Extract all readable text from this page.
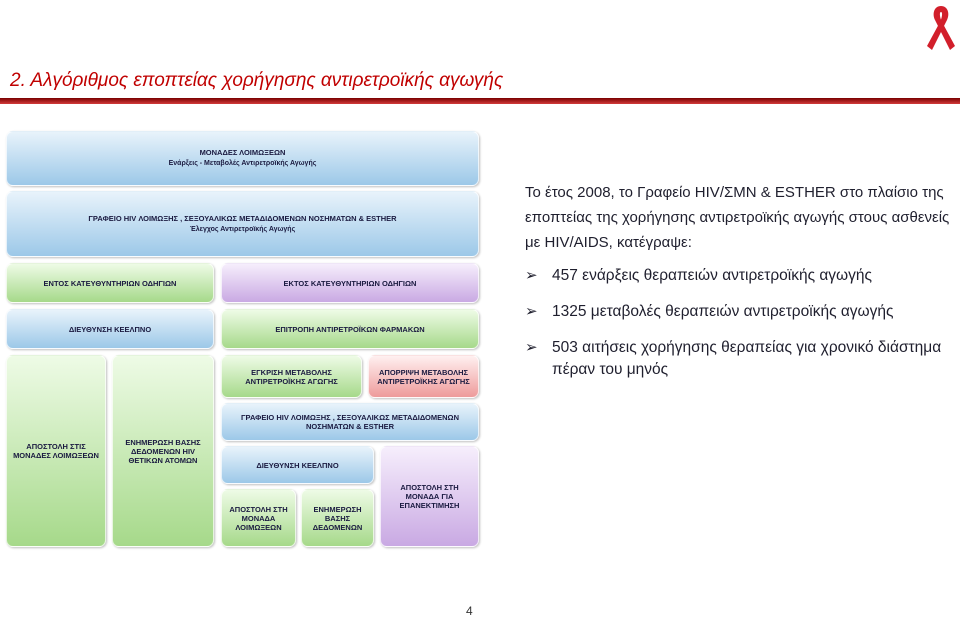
2. Αλγόριθμος εποπτείας χορήγησης αντιρετροϊκής αγωγής
ΜΟΝΑΔΕΣ ΛΟΙΜΩΞΕΩΝ
Ενάρξεις - Μεταβολές Αντιρετροϊκής Αγωγής
ΓΡΑΦΕΙΟ HIV ΛΟΙΜΩΞΗΣ , ΣΕΞΟΥΑΛΙΚΩΣ ΜΕΤΑΔΙΔΟΜΕΝΩΝ ΝΟΣΗΜΑΤΩΝ & ESTHER
Έλεγχος Αντιρετροϊκής Αγωγής
ΕΝΤΟΣ ΚΑΤΕΥΘΥΝΤΗΡΙΩΝ ΟΔΗΓΙΩΝ	ΕΚΤΟΣ ΚΑΤΕΥΘΥΝΤΗΡΙΩΝ ΟΔΗΓΙΩΝ
ΔΙΕΥΘΥΝΣΗ ΚΕΕΛΠΝΟ	ΕΠΙΤΡΟΠΗ ΑΝΤΙΡΕΤΡΟΪΚΩΝ ΦΑΡΜΑΚΩΝ
ΑΠΟΣΤΟΛΗ ΣΤΙΣ ΜΟΝΑΔΕΣ ΛΟΙΜΩΞΕΩΝ
ΕΝΗΜΕΡΩΣΗ ΒΑΣΗΣ ΔΕΔΟΜΕΝΩΝ HIV ΘΕΤΙΚΩΝ ΑΤΟΜΩΝ
ΕΓΚΡΙΣΗ ΜΕΤΑΒΟΛΗΣ ΑΝΤΙΡΕΤΡΟΪΚΗΣ ΑΓΩΓΗΣ
ΑΠΟΡΡΙΨΗ ΜΕΤΑΒΟΛΗΣ ΑΝΤΙΡΕΤΡΟΪΚΗΣ ΑΓΩΓΗΣ
ΓΡΑΦΕΙΟ HIV ΛΟΙΜΩΞΗΣ , ΣΕΞΟΥΑΛΙΚΩΣ ΜΕΤΑΔΙΔΟΜΕΝΩΝ ΝΟΣΗΜΑΤΩΝ & ESTHER
ΔΙΕΥΘΥΝΣΗ ΚΕΕΛΠΝΟ
ΑΠΟΣΤΟΛΗ ΣΤΗ ΜΟΝΑΔΑ ΛΟΙΜΩΞΕΩΝ
ΕΝΗΜΕΡΩΣΗ ΒΑΣΗΣ ΔΕΔΟΜΕΝΩΝ
ΑΠΟΣΤΟΛΗ ΣΤΗ ΜΟΝΑΔΑ ΓΙΑ ΕΠΑΝΕΚΤΙΜΗΣΗ

Το έτος 2008, το Γραφείο HIV/ΣΜΝ & ESTHER στο πλαίσιο της εποπτείας της χορήγησης αντιρετροϊκής αγωγής στους ασθενείς με HIV/AIDS, κατέγραψε:

➢ 457 ενάρξεις θεραπειών αντιρετροϊκής αγωγής
➢ 1325 μεταβολές θεραπειών αντιρετροϊκής αγωγής
➢ 503 αιτήσεις χορήγησης θεραπείας για χρονικό διάστημα πέραν του μηνός
4
